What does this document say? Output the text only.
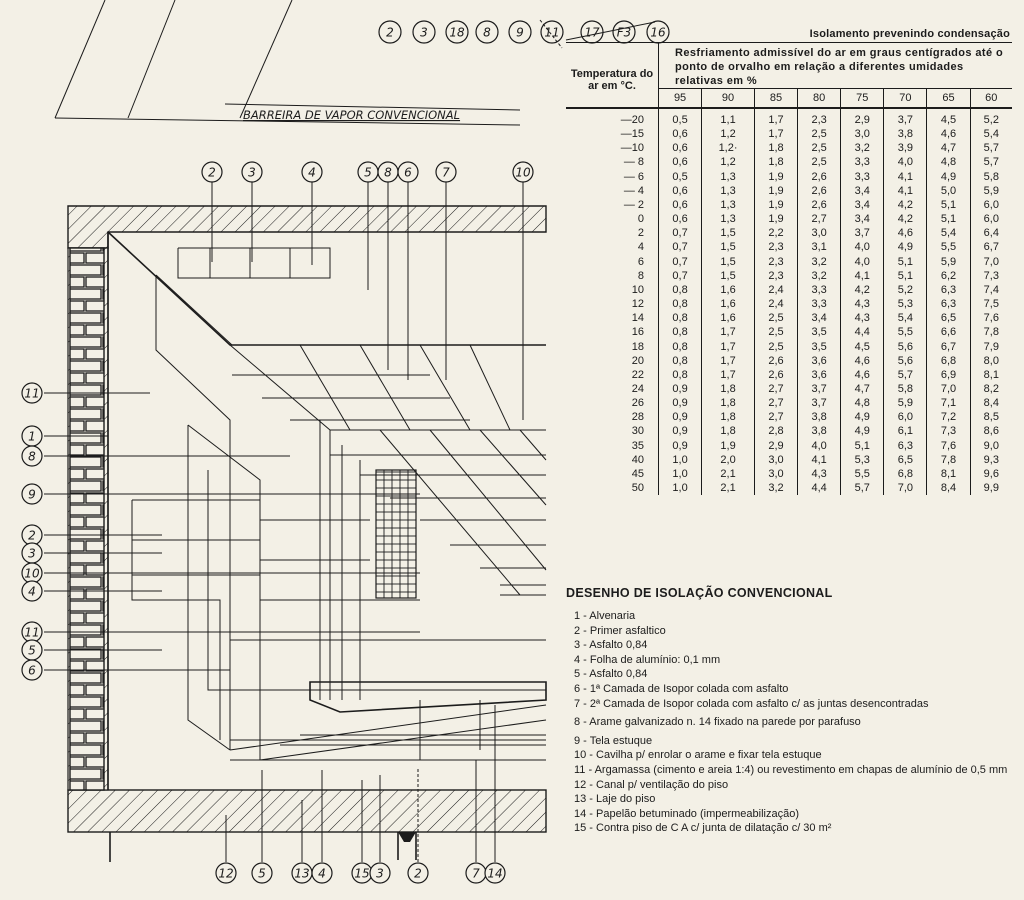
BARREIRA DE VAPOR CONVENCIONAL
2 3 18 8 9 11 17 F3 16
2	3	4	5 8 6	7	10
11
1
8
9
2
3
10
4
11
5
6
12 5 13 4 15 3	2	7 14
Isolamento prevenindo condensação
Temperatura do ar em °C.	Resfriamento admissível do ar em graus centígrados até o ponto de orvalho em relação a diferentes umidades relativas em %							
	95	90	85	80	75	70	65	60
—20	0,5	1,1	1,7	2,3	2,9	3,7	4,5	5,2
—15	0,6	1,2	1,7	2,5	3,0	3,8	4,6	5,4
—10	0,6	1,2·	1,8	2,5	3,2	3,9	4,7	5,7
— 8	0,6	1,2	1,8	2,5	3,3	4,0	4,8	5,7
— 6	0,5	1,3	1,9	2,6	3,3	4,1	4,9	5,8
— 4	0,6	1,3	1,9	2,6	3,4	4,1	5,0	5,9
— 2	0,6	1,3	1,9	2,6	3,4	4,2	5,1	6,0
0	0,6	1,3	1,9	2,7	3,4	4,2	5,1	6,0
2	0,7	1,5	2,2	3,0	3,7	4,6	5,4	6,4
4	0,7	1,5	2,3	3,1	4,0	4,9	5,5	6,7
6	0,7	1,5	2,3	3,2	4,0	5,1	5,9	7,0
8	0,7	1,5	2,3	3,2	4,1	5,1	6,2	7,3
10	0,8	1,6	2,4	3,3	4,2	5,2	6,3	7,4
12	0,8	1,6	2,4	3,3	4,3	5,3	6,3	7,5
14	0,8	1,6	2,5	3,4	4,3	5,4	6,5	7,6
16	0,8	1,7	2,5	3,5	4,4	5,5	6,6	7,8
18	0,8	1,7	2,5	3,5	4,5	5,6	6,7	7,9
20	0,8	1,7	2,6	3,6	4,6	5,6	6,8	8,0
22	0,8	1,7	2,6	3,6	4,6	5,7	6,9	8,1
24	0,9	1,8	2,7	3,7	4,7	5,8	7,0	8,2
26	0,9	1,8	2,7	3,7	4,8	5,9	7,1	8,4
28	0,9	1,8	2,7	3,8	4,9	6,0	7,2	8,5
30	0,9	1,8	2,8	3,8	4,9	6,1	7,3	8,6
35	0,9	1,9	2,9	4,0	5,1	6,3	7,6	9,0
40	1,0	2,0	3,0	4,1	5,3	6,5	7,8	9,3
45	1,0	2,1	3,0	4,3	5,5	6,8	8,1	9,6
50	1,0	2,1	3,2	4,4	5,7	7,0	8,4	9,9
DESENHO DE ISOLAÇÃO CONVENCIONAL
1 - Alvenaria
2 - Primer asfaltico
3 - Asfalto 0,84
4 - Folha de alumínio: 0,1 mm
5 - Asfalto 0,84
6 - 1ª Camada de Isopor colada com asfalto
7 - 2ª Camada de Isopor colada com asfalto c/ as juntas desencontradas
8 - Arame galvanizado n. 14 fixado na parede por parafuso
9 - Tela estuque
10 - Cavilha p/ enrolar o arame e fixar tela estuque
11 - Argamassa (cimento e areia 1:4) ou revestimento em chapas de alumínio de 0,5 mm
12 - Canal p/ ventilação do piso
13 - Laje do piso
14 - Papelão betuminado (impermeabilização)
15 - Contra piso de C A c/ junta de dilatação c/ 30 m²
